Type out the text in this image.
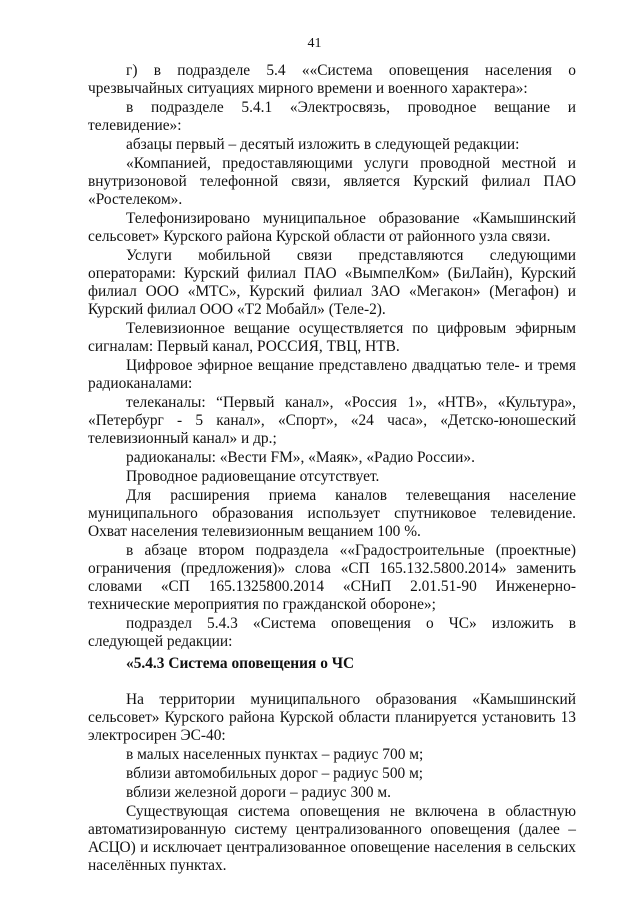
41

г) в подразделе 5.4 ««Система оповещения населения о чрезвычайных ситуациях мирного времени и военного характера»:

в подразделе 5.4.1 «Электросвязь, проводное вещание и телевидение»:

абзацы первый – десятый изложить в следующей редакции:

«Компанией, предоставляющими услуги проводной местной и внутризоновой телефонной связи, является Курский филиал ПАО «Ростелеком».

Телефонизировано муниципальное образование «Камышинский сельсовет» Курского района Курской области от районного узла связи.

Услуги мобильной связи представляются следующими операторами: Курский филиал ПАО «ВымпелКом» (БиЛайн), Курский филиал ООО «МТС», Курский филиал ЗАО «Мегакон» (Мегафон) и Курский филиал ООО «Т2 Мобайл» (Теле-2).

Телевизионное вещание осуществляется по цифровым эфирным сигналам: Первый канал, РОССИЯ, ТВЦ, НТВ.

Цифровое эфирное вещание представлено двадцатью теле- и тремя радиоканалами:

телеканалы: “Первый канал», «Россия 1», «НТВ», «Культура», «Петербург - 5 канал», «Спорт», «24 часа», «Детско-юношеский телевизионный канал» и др.;

радиоканалы: «Вести FM», «Маяк», «Радио России».

Проводное радиовещание отсутствует.

Для расширения приема каналов телевещания население муниципального образования использует спутниковое телевидение. Охват населения телевизионным вещанием 100 %.

в абзаце втором подраздела ««Градостроительные (проектные) ограничения (предложения)» слова «СП 165.132.5800.2014» заменить словами «СП 165.1325800.2014 «СНиП 2.01.51-90 Инженерно-технические мероприятия по гражданской обороне»;

подраздел 5.4.3 «Система оповещения о ЧС» изложить в следующей редакции:

«5.4.3 Система оповещения о ЧС

На территории муниципального образования «Камышинский сельсовет» Курского района Курской области планируется установить 13 электросирен ЭС-40:

в малых населенных пунктах – радиус 700 м;

вблизи автомобильных дорог – радиус 500 м;

вблизи железной дороги – радиус 300 м.

Существующая система оповещения не включена в областную автоматизированную систему централизованного оповещения (далее – АСЦО) и исключает централизованное оповещение населения в сельских населённых пунктах.
